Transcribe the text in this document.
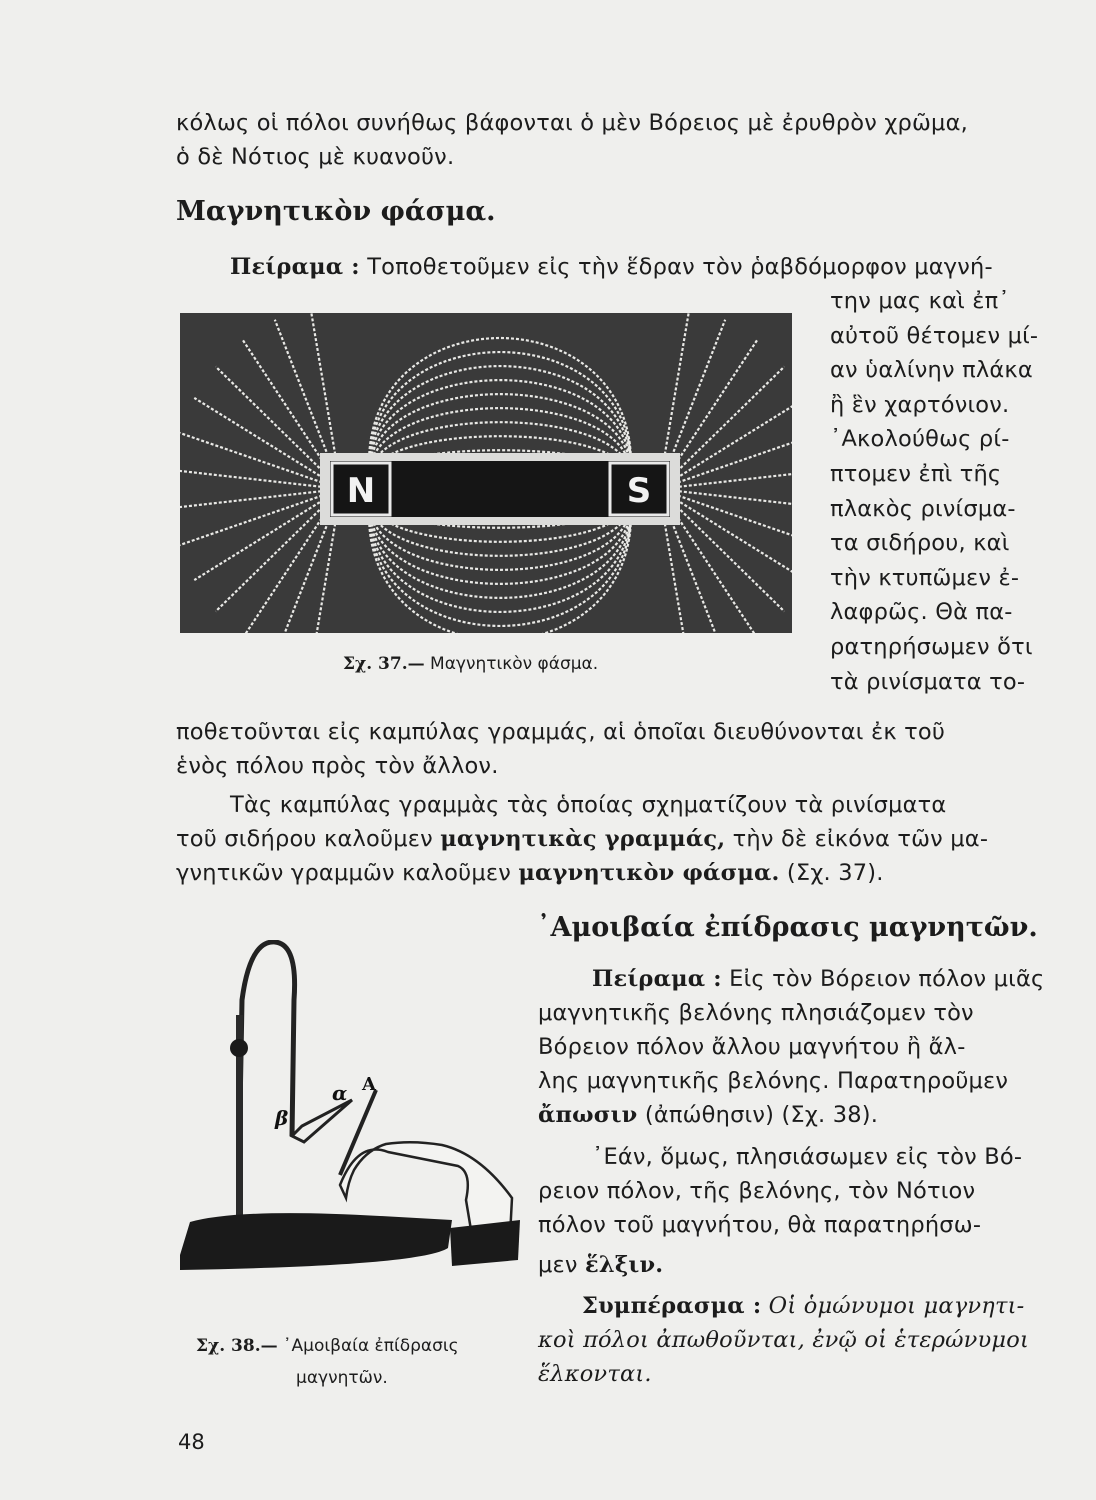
κόλως οἱ πόλοι συνήθως βάφονται ὁ μὲν Βόρειος μὲ ἐρυθρὸν χρῶμα,
ὁ δὲ Νότιος μὲ κυανοῦν.
Μαγνητικὸν φάσμα.
Πείραμα : Τοποθετοῦμεν εἰς τὴν ἕδραν τὸν ῥαβδόμορφον μαγνή-
την μας καὶ ἐπ᾿
αὐτοῦ θέτομεν μί-
αν ὑαλίνην πλάκα
ἢ ἓν χαρτόνιον.
᾿Ακολούθως ρί-
πτομεν ἐπὶ τῆς
πλακὸς ρινίσμα-
τα σιδήρου, καὶ
τὴν κτυπῶμεν ἐ-
λαφρῶς. Θὰ πα-
ρατηρήσωμεν ὅτι
τὰ ρινίσματα το-
N	S
Σχ. 37.— Μαγνητικὸν φάσμα.
ποθετοῦνται εἰς καμπύλας γραμμάς, αἱ ὁποῖαι διευθύνονται ἐκ τοῦ
ἑνὸς πόλου πρὸς τὸν ἄλλον.
Τὰς καμπύλας γραμμὰς τὰς ὁποίας σχηματίζουν τὰ ρινίσματα
τοῦ σιδήρου καλοῦμεν μαγνητικὰς γραμμάς, τὴν δὲ εἰκόνα τῶν μα-
γνητικῶν γραμμῶν καλοῦμεν μαγνητικὸν φάσμα. (Σχ. 37).
᾿Αμοιβαία ἐπίδρασις μαγνητῶν.
Πείραμα : Εἰς τὸν Βόρειον πόλον μιᾶς
μαγνητικῆς βελόνης πλησιάζομεν τὸν
Βόρειον πόλον ἄλλου μαγνήτου ἢ ἄλ-
λης μαγνητικῆς βελόνης. Παρατηροῦμεν
ἄπωσιν (ἀπώθησιν) (Σχ. 38).
᾿Εάν, ὅμως, πλησιάσωμεν εἰς τὸν Βό-
ρειον πόλον, τῆς βελόνης, τὸν Νότιον
πόλον τοῦ μαγνήτου, θὰ παρατηρήσω-
μεν ἕλξιν.
Συμπέρασμα : Οἱ ὁμώνυμοι μαγνητι-
κοὶ πόλοι ἀπωθοῦνται, ἐνῷ οἱ ἑτερώνυμοι
ἕλκονται.
β
α A
Σχ. 38.— ᾿Αμοιβαία ἐπίδρασις
μαγνητῶν.
48
